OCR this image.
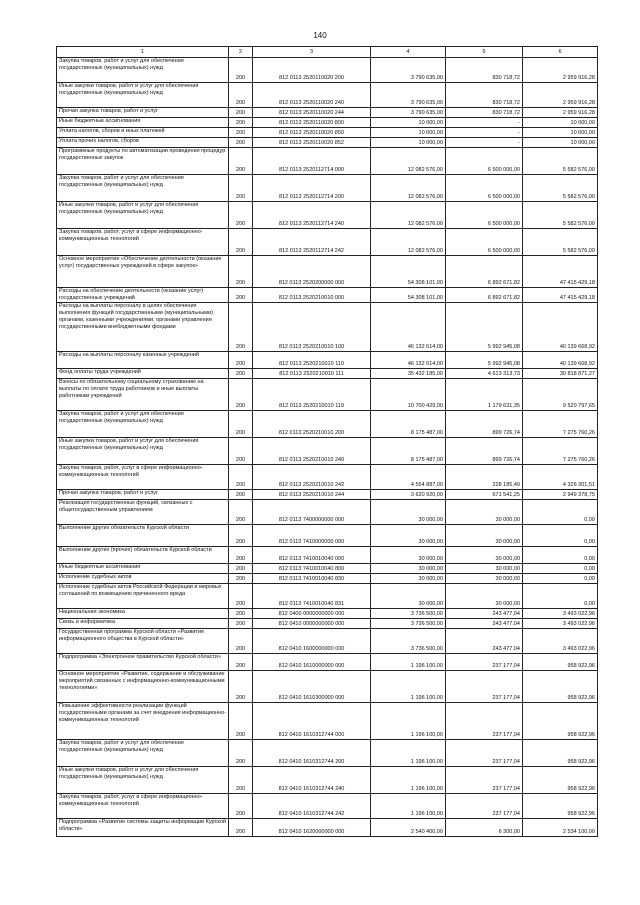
140
1	2	3	4	5	6
Закупка товаров, работ и услуг для обеспечения государственных (муниципальных) нужд	200	812 0113 2520110020 200	3 790 635,00	830 718,72	2 959 916,28
Иные закупки товаров, работ и услуг для обеспечения государственных (муниципальных) нужд	200	812 0113 2520110020 240	3 790 635,00	830 718,72	2 959 916,28
Прочая закупка товаров, работ и услуг	200	812 0113 2520110020 244	3 790 635,00	830 718,72	2 959 916,28
Иные бюджетные ассигнования	200	812 0113 2520110020 800	10 000,00	-	10 000,00
Уплата налогов, сборов и иных платежей	200	812 0113 2520110020 850	10 000,00	-	10 000,00
Уплата прочих налогов, сборов	200	812 0113 2520110020 852	10 000,00	-	10 000,00
Программные продукты по автоматизации проведения процедур государственных закупок	200	812 0113 2520112714 000	12 082 576,00	6 500 000,00	5 582 576,00
Закупка товаров, работ и услуг для обеспечения государственных (муниципальных) нужд	200	812 0113 2520112714 200	12 082 576,00	6 500 000,00	5 582 576,00
Иные закупки товаров, работ и услуг для обеспечения государственных (муниципальных) нужд	200	812 0113 2520112714 240	12 082 576,00	6 500 000,00	5 582 576,00
Закупка товаров, работ, услуг в сфере информационно-коммуникационных технологий	200	812 0113 2520112714 242	12 082 576,00	6 500 000,00	5 582 576,00
Основное мероприятие «Обеспечение деятельности (оказание услуг) государственных учреждений в сфере закупок»	200	812 0113 2520200000 000	54 308 101,00	6 892 671,82	47 415 429,18
Расходы на обеспечение деятельности (оказание услуг) государственных учреждений	200	812 0113 2520210010 000	54 308 101,00	6 892 671,82	47 415 429,18
Расходы на выплаты персоналу в целях обеспечения выполнения функций государственными (муниципальными) органами, казенными учреждениями, органами управления государственными внебюджетными фондами	200	812 0113 2520210010 100	46 132 614,00	5 992 945,08	40 139 668,92
Расходы на выплаты персоналу казенных учреждений	200	812 0113 2520210010 110	46 132 614,00	5 992 945,08	40 139 668,92
Фонд оплаты труда учреждений	200	812 0113 2520210010 111	35 432 185,00	4 613 313,73	30 818 871,27
Взносы по обязательному социальному страхованию на выплаты по оплате труда работников и иные выплаты работникам учреждений	200	812 0113 2520210010 119	10 700 429,00	1 179 631,35	9 520 797,65
Закупка товаров, работ и услуг для обеспечения государственных (муниципальных) нужд	200	812 0113 2520210010 200	8 175 487,00	899 726,74	7 275 760,26
Иные закупки товаров, работ и услуг для обеспечения государственных (муниципальных) нужд	200	812 0113 2520210010 240	8 175 487,00	899 726,74	7 275 760,26
Закупка товаров, работ, услуг в сфере информационно-коммуникационных технологий	200	812 0113 2520210010 242	4 554 887,00	228 185,49	4 326 301,51
Прочая закупка товаров, работ и услуг	200	812 0113 2520210010 244	3 620 920,00	671 541,25	2 949 378,75
Реализация государственных функций, связанных с общегосударственным управлением	200	812 0113 7400000000 000	30 000,00	30 000,00	0,00
Выполнение других обязательств Курской области	200	812 0113 7410000000 000	30 000,00	30 000,00	0,00
Выполнение других (прочих) обязательств Курской области	200	812 0113 7410010040 000	30 000,00	30 000,00	0,00
Иные бюджетные ассигнования	200	812 0113 7410010040 800	30 000,00	30 000,00	0,00
Исполнение судебных актов	200	812 0113 7410010040 830	30 000,00	30 000,00	0,00
Исполнение судебных актов Российской Федерации и мировых соглашений по возмещению причиненного вреда	200	812 0113 7410010040 831	30 000,00	30 000,00	0,00
Национальная экономика	200	812 0400 0000000000 000	3 736 500,00	243 477,04	3 493 022,96
Связь и информатика	200	812 0410 0000000000 000	3 736 500,00	243 477,04	3 493 022,96
Государственная программа Курской области «Развитие информационного общества в Курской области»	200	812 0410 1600000000 000	3 736 500,00	243 477,04	3 493 022,96
Подпрограмма «Электронное правительство Курской области»	200	812 0410 1610000000 000	1 196 100,00	237 177,04	958 922,96
Основное мероприятие «Развитие, содержание и обслуживание мероприятий связанных с информационно-коммуникационными технологиями»	200	812 0410 1610300000 000	1 196 100,00	237 177,04	958 922,96
Повышение эффективности реализации функций государственными органами за счет внедрения информационно-коммуникационных технологий	200	812 0410 1610312744 000	1 196 100,00	237 177,04	958 922,96
Закупка товаров, работ и услуг для обеспечения государственных (муниципальных) нужд	200	812 0410 1610312744 200	1 196 100,00	237 177,04	958 922,96
Иные закупки товаров, работ и услуг для обеспечения государственных (муниципальных) нужд	200	812 0410 1610312744 240	1 196 100,00	237 177,04	958 922,96
Закупка товаров, работ, услуг в сфере информационно-коммуникационных технологий	200	812 0410 1610312744 242	1 196 100,00	237 177,04	958 922,96
Подпрограмма «Развитие системы защиты информации Курской области»	200	812 0410 1620000000 000	2 540 400,00	6 300,00	2 534 100,00
